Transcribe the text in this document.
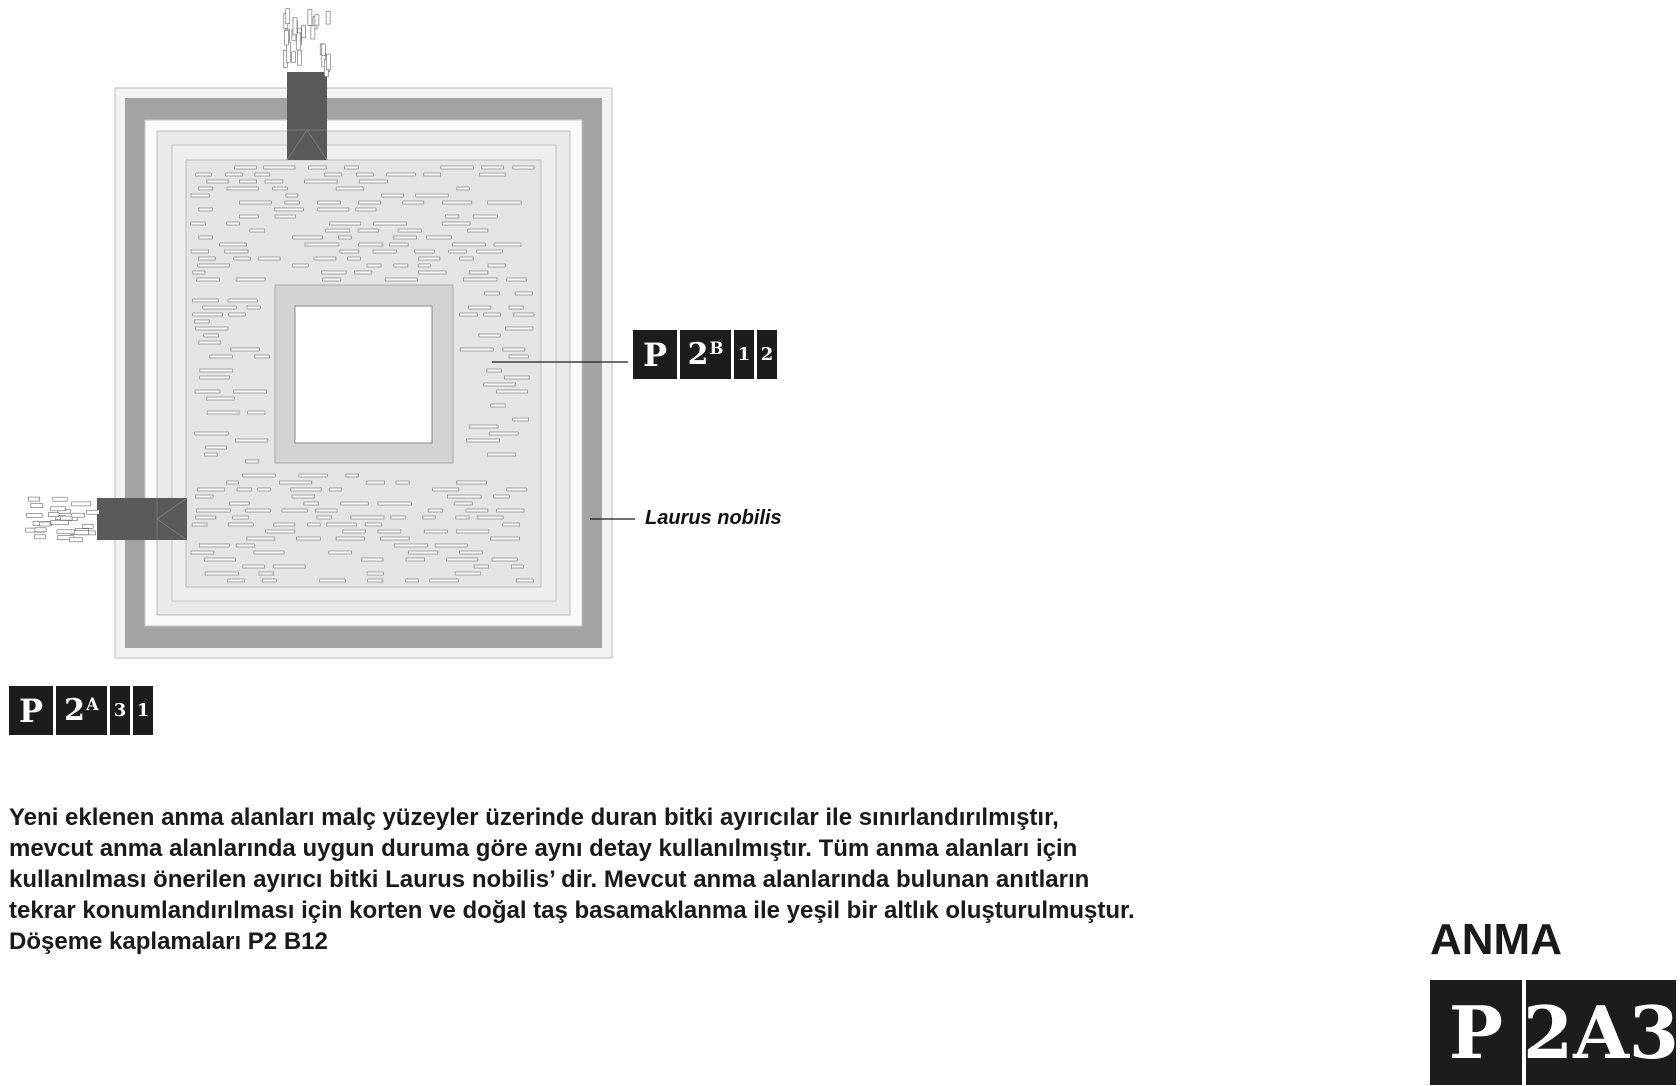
P $2^B$ 1 2
P $2^A$ 3 1
Laurus nobilis
Yeni eklenen anma alanları malç yüzeyler üzerinde duran bitki ayırıcılar ile sınırlandırılmıştır,
mevcut anma alanlarında uygun duruma göre aynı detay kullanılmıştır. Tüm anma alanları için
kullanılması önerilen ayırıcı bitki Laurus nobilis’ dir. Mevcut anma alanlarında bulunan anıtların
tekrar konumlandırılması için korten ve doğal taş basamaklanma ile yeşil bir altlık oluşturulmuştur.
Döşeme kaplamaları P2 B12	ANMA
P 2A3
